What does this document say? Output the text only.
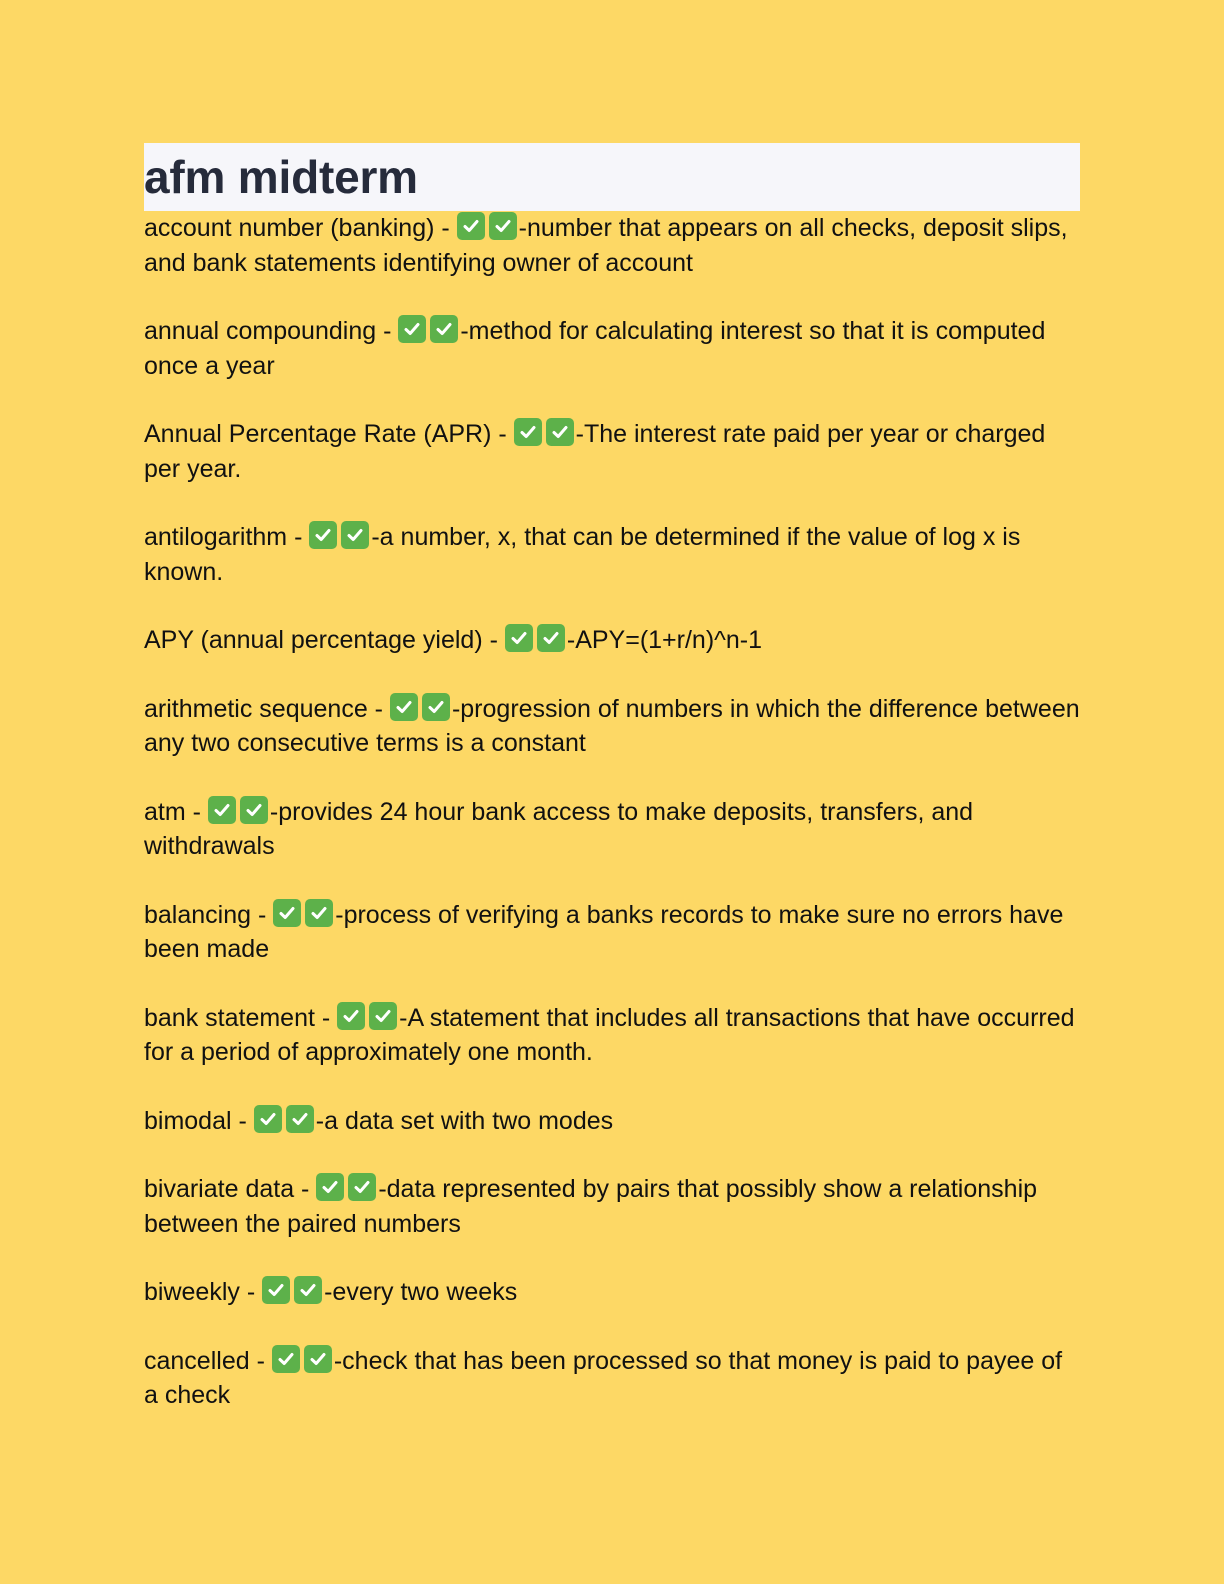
afm midterm

account number (banking) -
-number that appears on all checks, deposit slips, and bank statements identifying owner of account

annual compounding -
-method for calculating interest so that it is computed once a year

Annual Percentage Rate (APR) -
-The interest rate paid per year or charged per year.

antilogarithm -
-a number, x, that can be determined if the value of log x is known.

APY (annual percentage yield) -
-APY=(1+r/n)^n-1

arithmetic sequence -
-progression of numbers in which the difference between any two consecutive terms is a constant

atm -
-provides 24 hour bank access to make deposits, transfers, and withdrawals

balancing -
-process of verifying a banks records to make sure no errors have been made

bank statement -
-A statement that includes all transactions that have occurred for a period of approximately one month.

bimodal -
-a data set with two modes

bivariate data -
-data represented by pairs that possibly show a relationship between the paired numbers

biweekly -
-every two weeks

cancelled -
-check that has been processed so that money is paid to payee of a check
